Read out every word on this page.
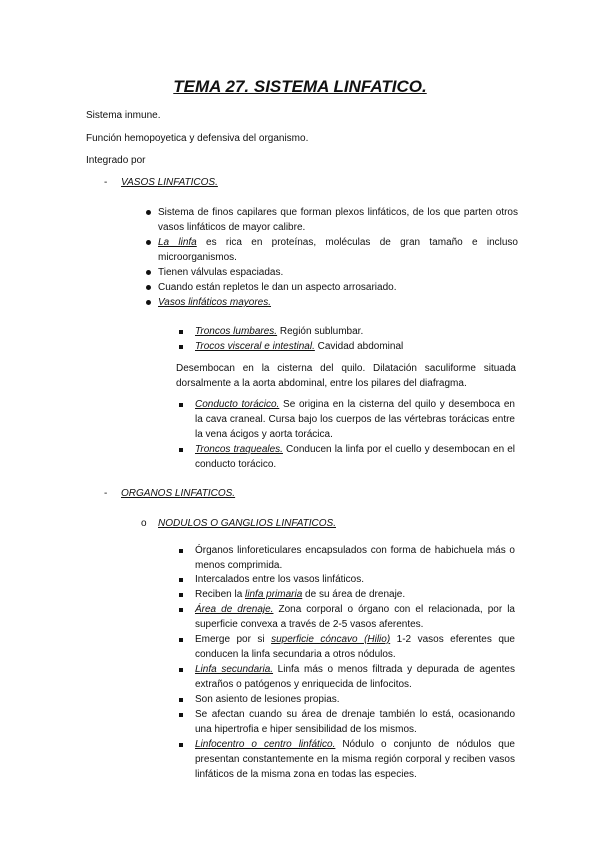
TEMA 27. SISTEMA LINFATICO.
Sistema inmune.
Función hemopoyetica y defensiva del organismo.
Integrado por
- VASOS LINFATICOS.
Sistema de finos capilares que forman plexos linfáticos, de los que parten otros vasos linfáticos de mayor calibre.
La linfa es rica en proteínas, moléculas de gran tamaño e incluso microorganismos.
Tienen válvulas espaciadas.
Cuando están repletos le dan un aspecto arrosariado.
Vasos linfáticos mayores.
Troncos lumbares. Región sublumbar.
Trocos visceral e intestinal. Cavidad abdominal
Desembocan en la cisterna del quilo. Dilatación saculiforme situada dorsalmente a la aorta abdominal, entre los pilares del diafragma.
Conducto torácico. Se origina en la cisterna del quilo y desemboca en la cava craneal. Cursa bajo los cuerpos de las vértebras torácicas entre la vena ácigos y aorta torácica.
Troncos traqueales. Conducen la linfa por el cuello y desembocan en el conducto torácico.
- ORGANOS LINFATICOS.
o NODULOS O GANGLIOS LINFATICOS.
Órganos linforeticulares encapsulados con forma de habichuela más o menos comprimida.
Intercalados entre los vasos linfáticos.
Reciben la linfa primaria de su área de drenaje.
Área de drenaje. Zona corporal o órgano con el relacionada, por la superficie convexa a través de 2-5 vasos aferentes.
Emerge por si superficie cóncavo (Hilio) 1-2 vasos eferentes que conducen la linfa secundaria a otros nódulos.
Linfa secundaria. Linfa más o menos filtrada y depurada de agentes extraños o patógenos y enriquecida de linfocitos.
Son asiento de lesiones propias.
Se afectan cuando su área de drenaje también lo está, ocasionando una hipertrofia e hiper sensibilidad de los mismos.
Linfocentro o centro linfático. Nódulo o conjunto de nódulos que presentan constantemente en la misma región corporal y reciben vasos linfáticos de la misma zona en todas las especies.
